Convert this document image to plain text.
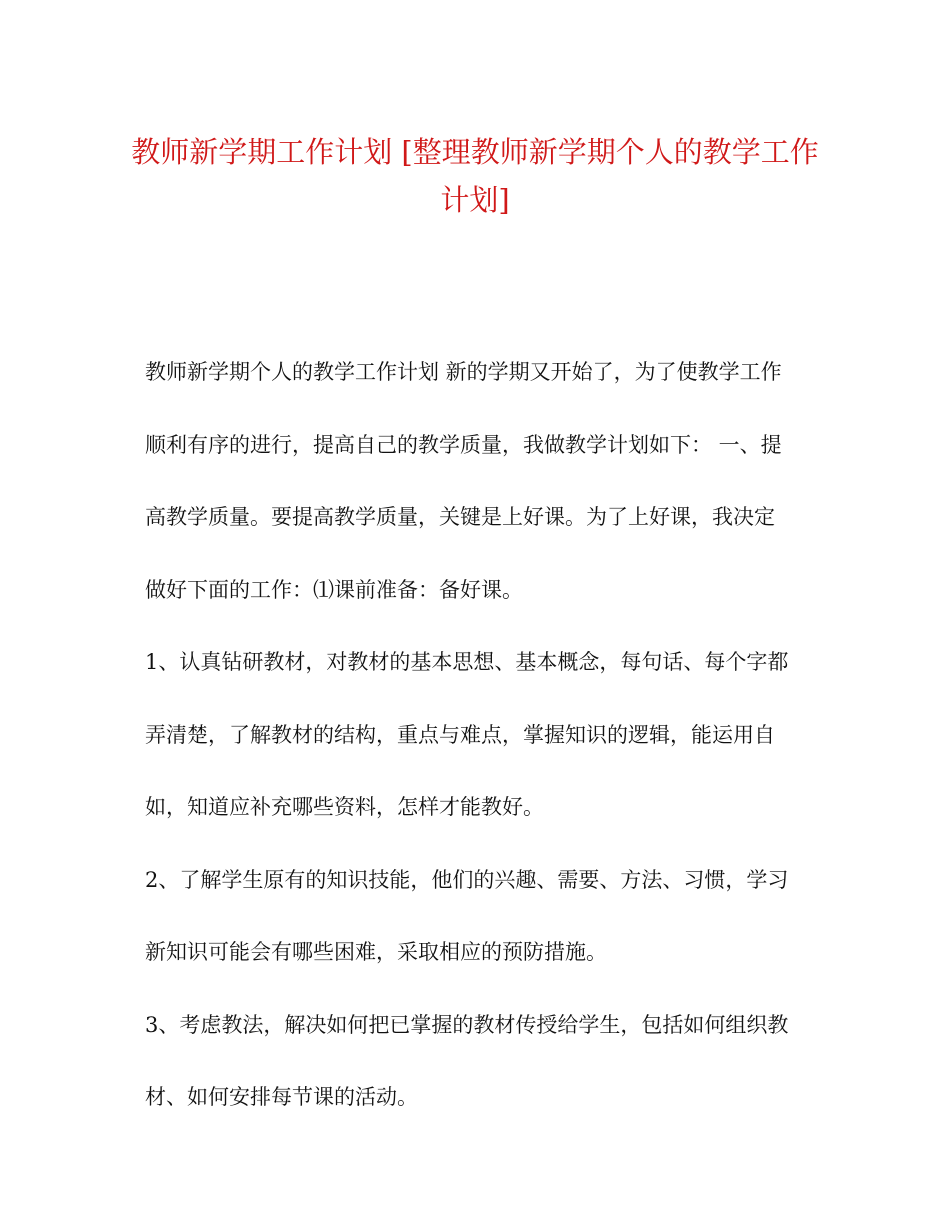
教师新学期工作计划 [整理教师新学期个人的教学工作
计划]

教师新学期个人的教学工作计划 新的学期又开始了，为了使教学工作
顺利有序的进行，提高自己的教学质量，我做教学计划如下： 一、提
高教学质量。要提高教学质量，关键是上好课。为了上好课，我决定
做好下面的工作：⑴课前准备：备好课。

1、认真钻研教材，对教材的基本思想、基本概念，每句话、每个字都
弄清楚，了解教材的结构，重点与难点，掌握知识的逻辑，能运用自
如，知道应补充哪些资料，怎样才能教好。

2、了解学生原有的知识技能，他们的兴趣、需要、方法、习惯，学习
新知识可能会有哪些困难，采取相应的预防措施。

3、考虑教法，解决如何把已掌握的教材传授给学生，包括如何组织教
材、如何安排每节课的活动。
